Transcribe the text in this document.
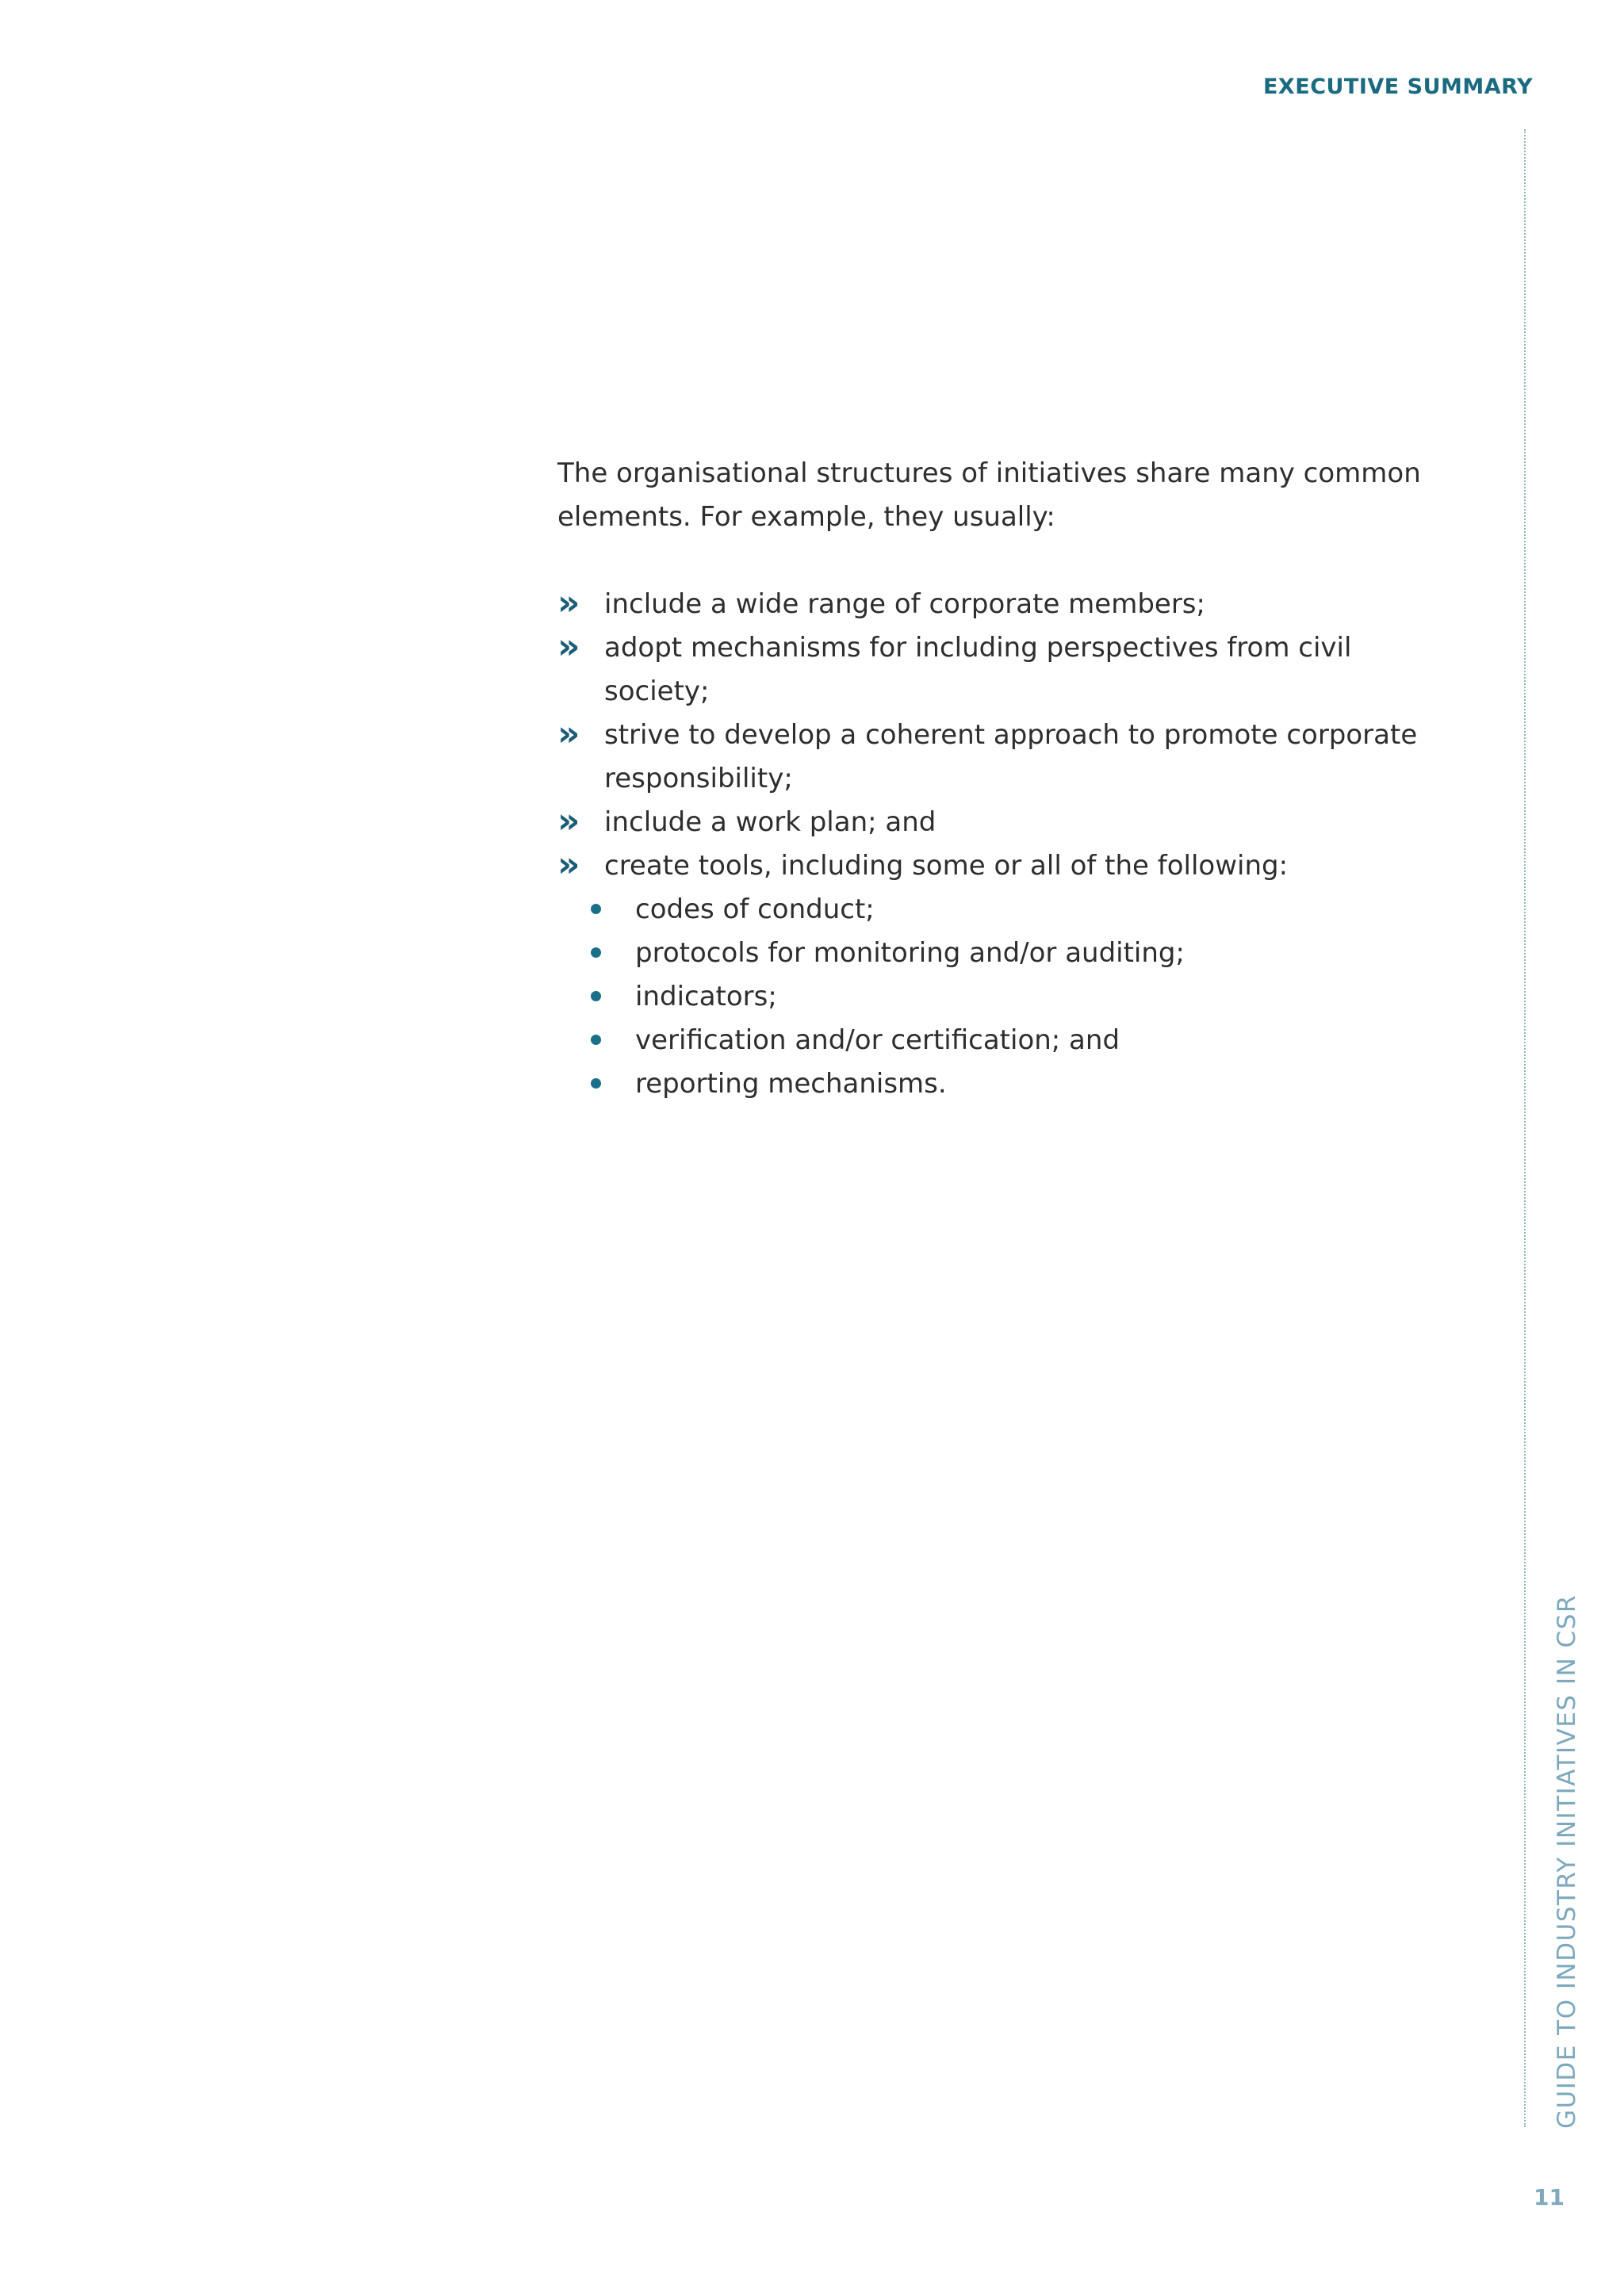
EXECUTIVE SUMMARY
GUIDE TO INDUSTRY INITIATIVES IN CSR
11

The organisational structures of initiatives share many common elements. For example, they usually:

» include a wide range of corporate members;
» adopt mechanisms for including perspectives from civil society;
» strive to develop a coherent approach to promote corporate responsibility;
» include a work plan; and
» create tools, including some or all of the following:
codes of conduct;
protocols for monitoring and/or auditing;
indicators;
verification and/or certification; and
reporting mechanisms.
